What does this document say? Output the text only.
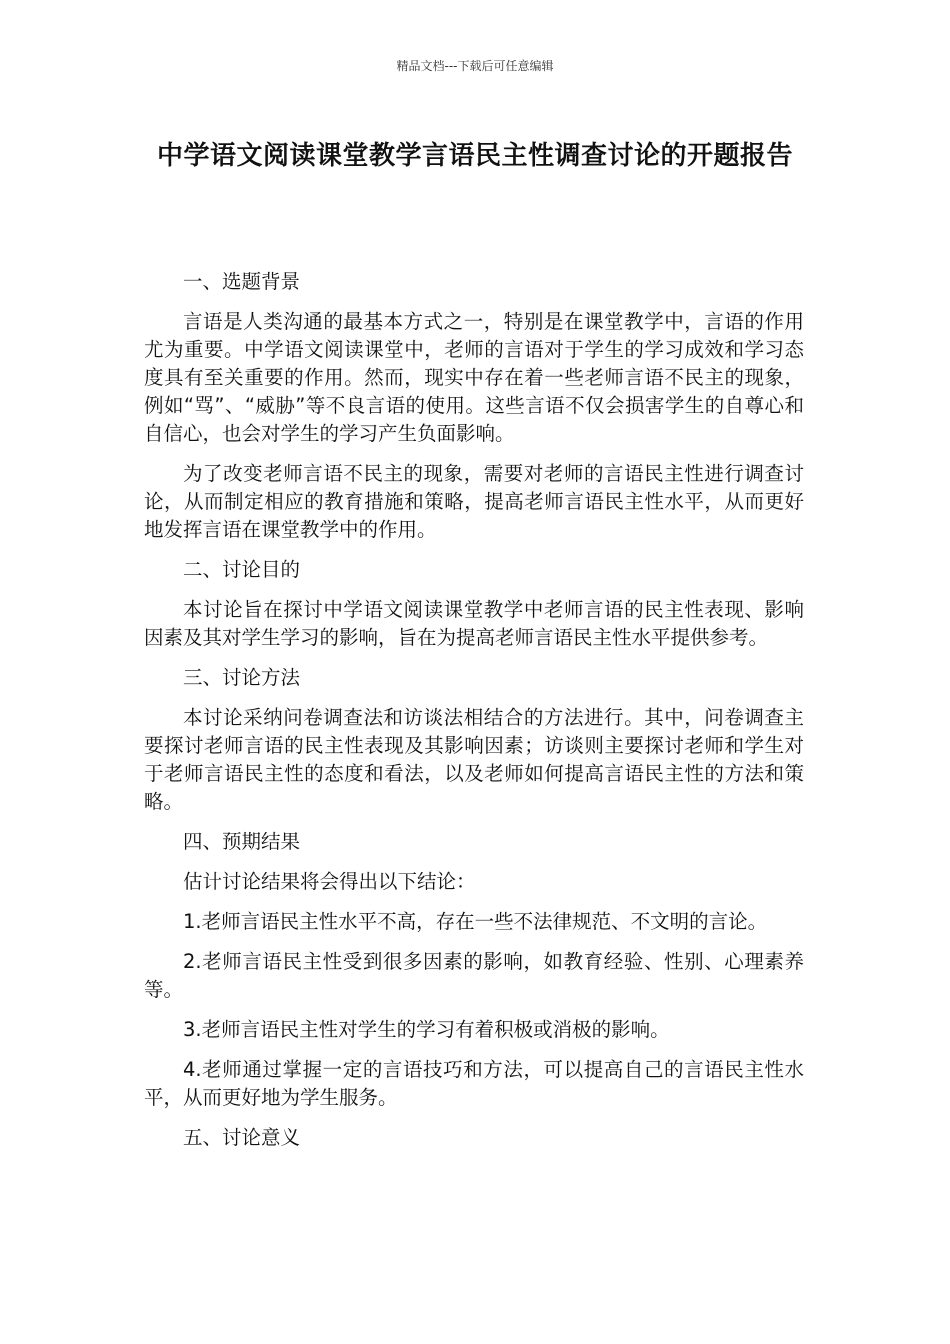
精品文档---下载后可任意编辑
中学语文阅读课堂教学言语民主性调查讨论的开题报告

一、选题背景

言语是人类沟通的最基本方式之一，特别是在课堂教学中，言语的作用尤为重要。中学语文阅读课堂中，老师的言语对于学生的学习成效和学习态度具有至关重要的作用。然而，现实中存在着一些老师言语不民主的现象，例如“骂”、“威胁”等不良言语的使用。这些言语不仅会损害学生的自尊心和自信心，也会对学生的学习产生负面影响。

为了改变老师言语不民主的现象，需要对老师的言语民主性进行调查讨论，从而制定相应的教育措施和策略，提高老师言语民主性水平，从而更好地发挥言语在课堂教学中的作用。

二、讨论目的

本讨论旨在探讨中学语文阅读课堂教学中老师言语的民主性表现、影响因素及其对学生学习的影响，旨在为提高老师言语民主性水平提供参考。

三、讨论方法

本讨论采纳问卷调查法和访谈法相结合的方法进行。其中，问卷调查主要探讨老师言语的民主性表现及其影响因素；访谈则主要探讨老师和学生对于老师言语民主性的态度和看法，以及老师如何提高言语民主性的方法和策略。

四、预期结果

估计讨论结果将会得出以下结论：

1.老师言语民主性水平不高，存在一些不法律规范、不文明的言论。

2.老师言语民主性受到很多因素的影响，如教育经验、性别、心理素养等。

3.老师言语民主性对学生的学习有着积极或消极的影响。

4.老师通过掌握一定的言语技巧和方法，可以提高自己的言语民主性水平，从而更好地为学生服务。

五、讨论意义
